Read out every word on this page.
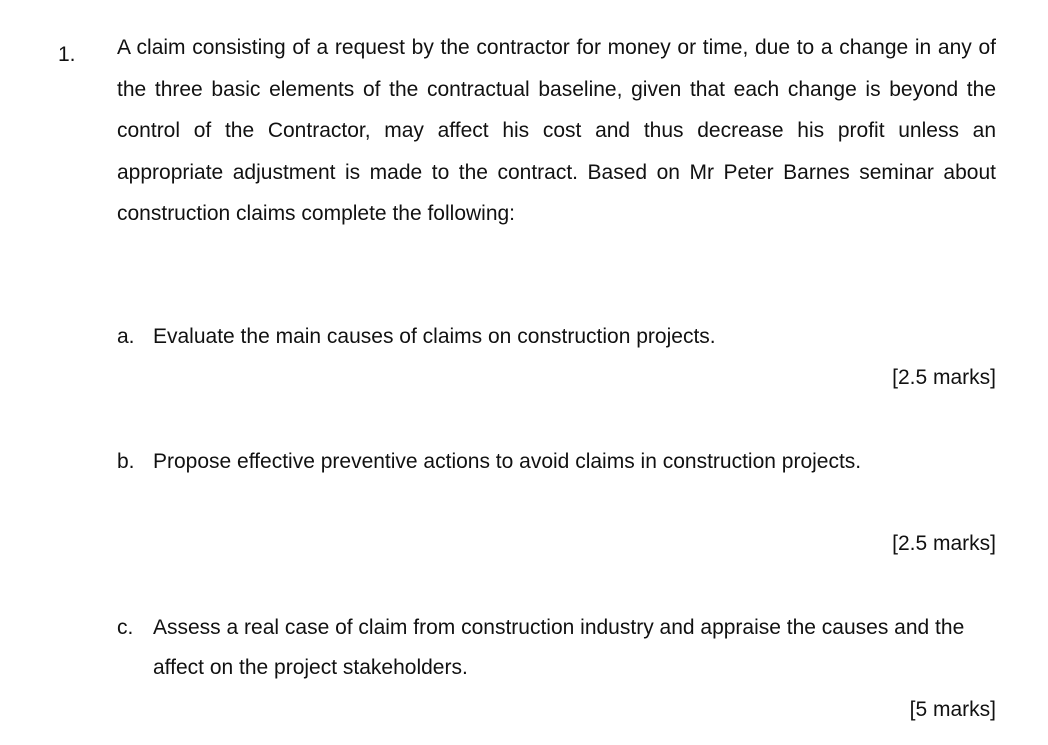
1. A claim consisting of a request by the contractor for money or time, due to a change in any of the three basic elements of the contractual baseline, given that each change is beyond the control of the Contractor, may affect his cost and thus decrease his profit unless an appropriate adjustment is made to the contract. Based on Mr Peter Barnes seminar about construction claims complete the following:
a. Evaluate the main causes of claims on construction projects.
[2.5 marks]
b. Propose effective preventive actions to avoid claims in construction projects.
[2.5 marks]
c. Assess a real case of claim from construction industry and appraise the causes and the affect on the project stakeholders.
[5 marks]
